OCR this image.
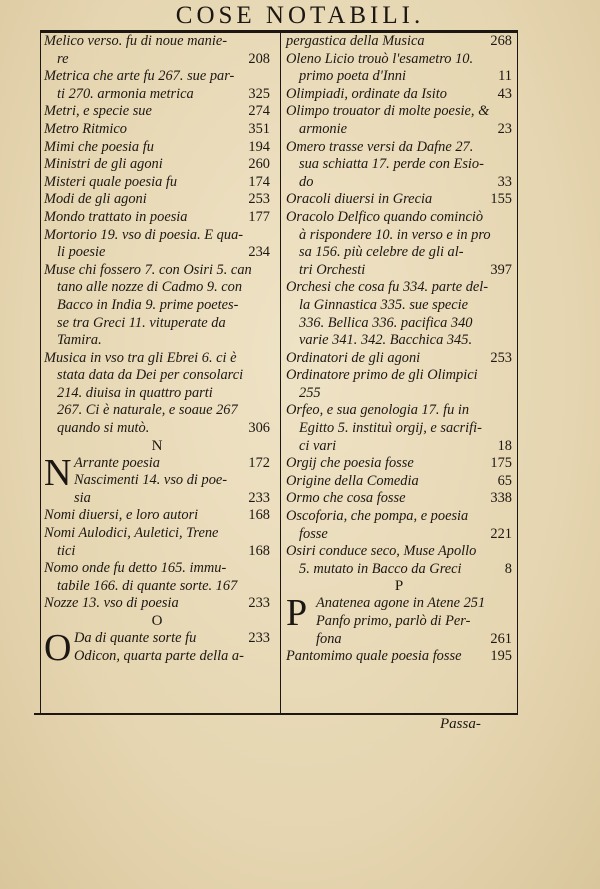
COSE NOTABILI.
Melico verso. fu di noue manie-
re	208
Metrica che arte fu 267. sue par-
ti 270. armonia metrica	325
Metri, e specie sue	274
Metro Ritmico	351
Mimi che poesia fu	194
Ministri de gli agoni	260
Misteri quale poesia fu	174
Modi de gli agoni	253
Mondo trattato in poesia	177
Mortorio 19. vso di poesia. E qua-
li poesie	234
Muse chi fossero 7. con Osiri 5. can
tano alle nozze di Cadmo 9. con
Bacco in India 9. prime poetes-
se tra Greci 11. vituperate da
Tamira.
Musica in vso tra gli Ebrei 6. ci è
stata data da Dei per consolarci
214. diuisa in quattro parti
267. Ci è naturale, e soaue 267
quando si mutò.	306
N
N Arrante poesia	172
Nascimenti 14. vso di poe-
sia	233
Nomi diuersi, e loro autori	168
Nomi Aulodici, Auletici, Trene
tici	168
Nomo onde fu detto 165. immu-
tabile 166. di quante sorte. 167
Nozze 13. vso di poesia	233
O
O Da di quante sorte fu	233
Odicon, quarta parte della a-
pergastica della Musica	268
Oleno Licio trouò l'esametro 10.
primo poeta d'Inni	11
Olimpiadi, ordinate da Isito	43
Olimpo trouator di molte poesie, &
armonie	23
Omero trasse versi da Dafne 27.
sua schiatta 17. perde con Esio-
do	33
Oracoli diuersi in Grecia	155
Oracolo Delfico quando cominciò
à rispondere 10. in verso e in pro
sa 156. più celebre de gli al-
tri Orchesti	397
Orchesi che cosa fu 334. parte del-
la Ginnastica 335. sue specie
336. Bellica 336. pacifica 340
varie 341. 342. Bacchica 345.
Ordinatori de gli agoni	253
Ordinatore primo de gli Olimpici
255
Orfeo, e sua genologia 17. fu in
Egitto 5. instituì orgij, e sacrifi-
ci vari	18
Orgij che poesia fosse	175
Origine della Comedia	65
Ormo che cosa fosse	338
Oscoforia, che pompa, e poesia
fosse	221
Osiri conduce seco, Muse Apollo
5. mutato in Bacco da Greci	8
P
P Anatenea agone in Atene 251
Panfo primo, parlò di Per-
fona	261
Pantomimo quale poesia fosse	195
Passa-
